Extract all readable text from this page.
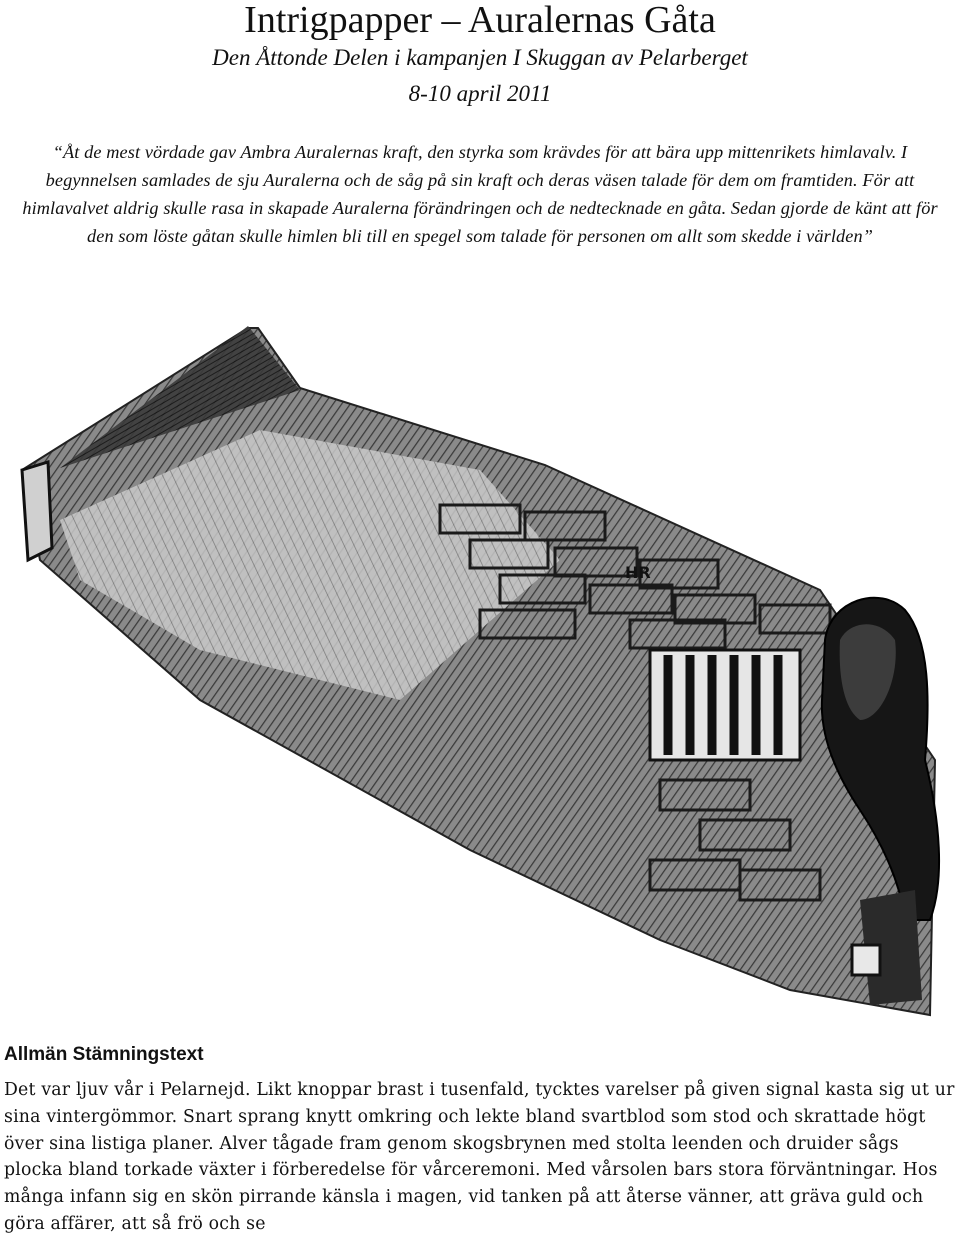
Intrigpapper – Auralernas Gåta
Den Åttonde Delen i kampanjen I Skuggan av Pelarberget
8-10 april 2011
“Åt de mest vördade gav Ambra Auralernas kraft, den styrka som krävdes för att bära upp mittenrikets himlavalv. I begynnelsen samlades de sju Auralerna och de såg på sin kraft och deras väsen talade för dem om framtiden. För att himlavalvet aldrig skulle rasa in skapade Auralerna förändringen och de nedtecknade en gåta. Sedan gjorde de känt att för den som löste gåtan skulle himlen bli till en spegel som talade för personen om allt som skedde i världen”
HR
Allmän Stämningstext
Det var ljuv vår i Pelarnejd. Likt knoppar brast i tusenfald, tycktes varelser på given signal kasta sig ut ur sina vintergömmor. Snart sprang knytt omkring och lekte bland svartblod som stod och skrattade högt över sina listiga planer. Alver tågade fram genom skogsbrynen med stolta leenden och druider sågs plocka bland torkade växter i förberedelse för vårceremoni. Med vårsolen bars stora förväntningar. Hos många infann sig en skön pirrande känsla i magen, vid tanken på att återse vänner, att gräva guld och göra affärer, att så frö och se
